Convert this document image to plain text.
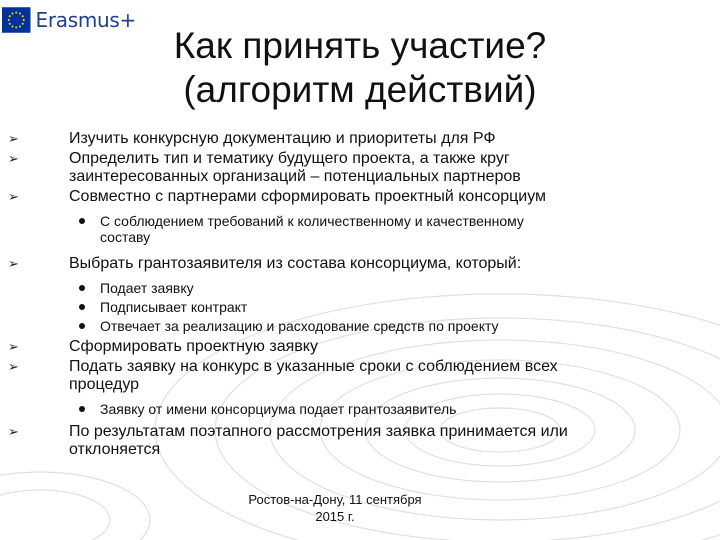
Erasmus+
Как принять участие?
(алгоритм действий)
➢	Изучить конкурсную документацию и приоритеты для РФ
➢	Определить тип и тематику будущего проекта, а также круг
заинтересованных организаций – потенциальных партнеров
➢	Совместно с партнерами сформировать проектный консорциум
С соблюдением требований к количественному и качественному
составу
➢	Выбрать грантозаявителя из состава консорциума, который:
Подает заявку
Подписывает контракт
Отвечает за реализацию и расходование средств по проекту
➢	Сформировать проектную заявку
➢	Подать заявку на конкурс в указанные сроки с соблюдением всех
процедур
Заявку от имени консорциума подает грантозаявитель
➢	По результатам поэтапного рассмотрения заявка принимается или
отклоняется
Ростов-на-Дону, 11 сентября
2015 г.
